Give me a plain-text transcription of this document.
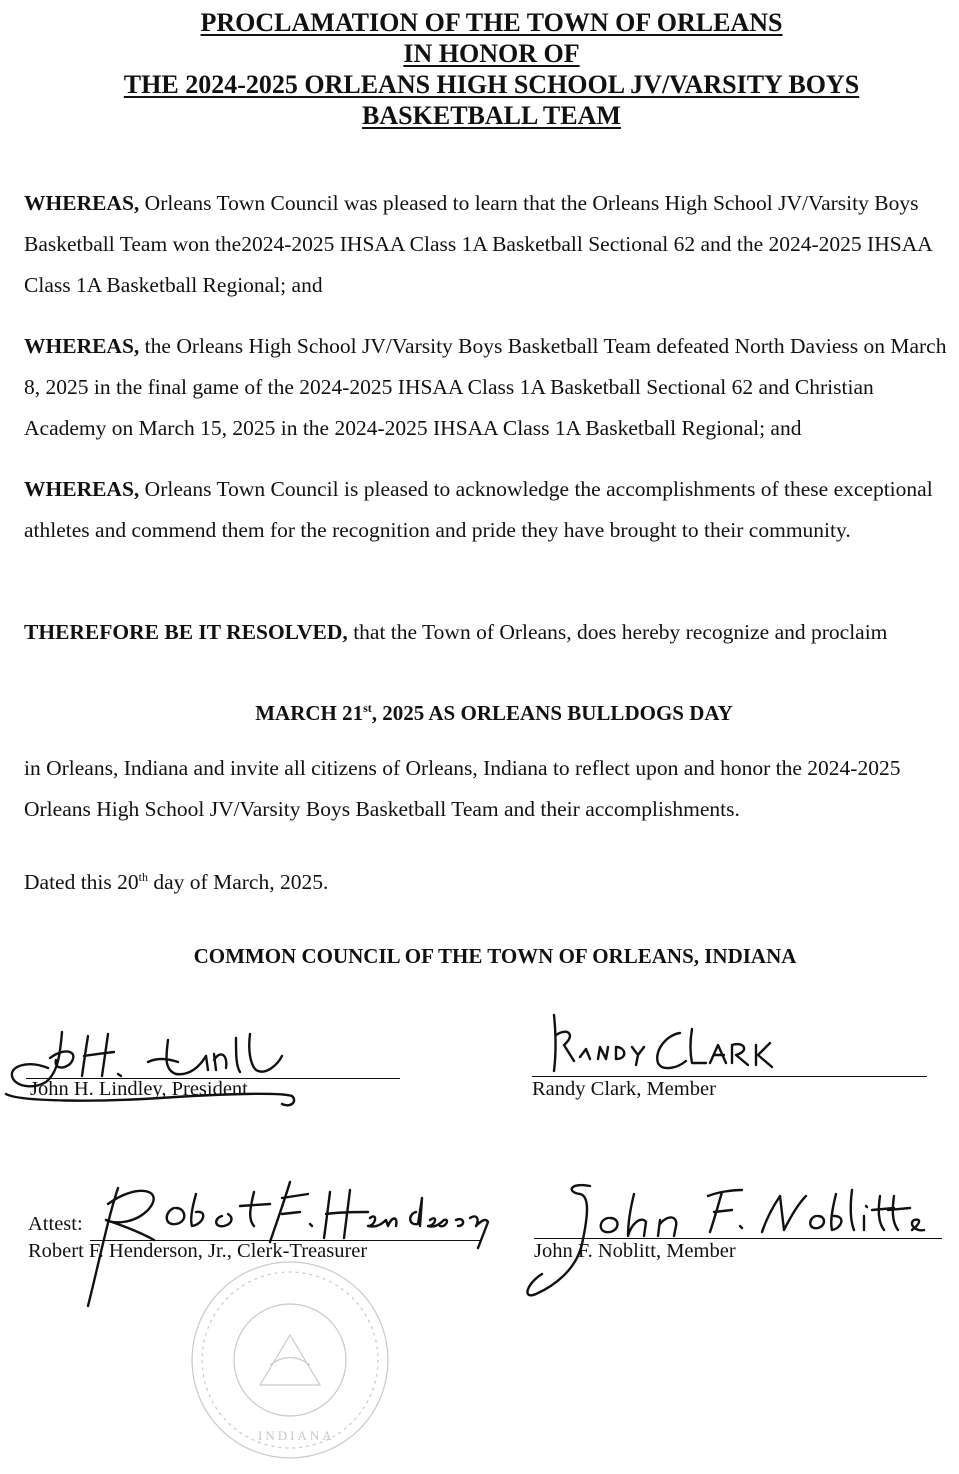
PROCLAMATION OF THE TOWN OF ORLEANS
IN HONOR OF
THE 2024-2025 ORLEANS HIGH SCHOOL JV/VARSITY BOYS
BASKETBALL TEAM
WHEREAS, Orleans Town Council was pleased to learn that the Orleans High School JV/Varsity Boys Basketball Team won the2024-2025 IHSAA Class 1A Basketball Sectional 62 and the 2024-2025 IHSAA Class 1A Basketball Regional; and
WHEREAS, the Orleans High School JV/Varsity Boys Basketball Team defeated North Daviess on March 8, 2025 in the final game of the 2024-2025 IHSAA Class 1A Basketball Sectional 62 and Christian Academy on March 15, 2025 in the 2024-2025 IHSAA Class 1A Basketball Regional; and
WHEREAS, Orleans Town Council is pleased to acknowledge the accomplishments of these exceptional athletes and commend them for the recognition and pride they have brought to their community.
THEREFORE BE IT RESOLVED, that the Town of Orleans, does hereby recognize and proclaim
MARCH 21st, 2025 AS ORLEANS BULLDOGS DAY
in Orleans, Indiana and invite all citizens of Orleans, Indiana to reflect upon and honor the 2024-2025 Orleans High School JV/Varsity Boys Basketball Team and their accomplishments.
Dated this 20th day of March, 2025.
COMMON COUNCIL OF THE TOWN OF ORLEANS, INDIANA
INDIANA
John H. Lindley, President	Randy Clark, Member
Attest:
Robert F. Henderson, Jr., Clerk-Treasurer	John F. Noblitt, Member
